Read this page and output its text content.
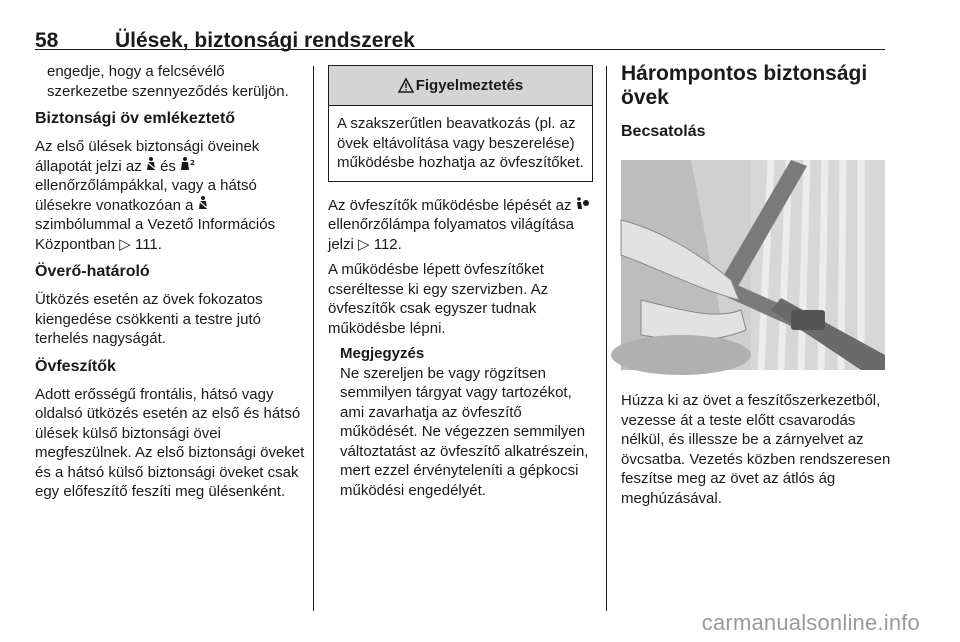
58	Ülések, biztonsági rendszerek

engedje, hogy a felcsévélő szerkezetbe szennyeződés kerüljön.

Biztonsági öv emlékeztető

Az első ülések biztonsági öveinek állapotát jelzi az és 2
ellenőrzőlámpákkal, vagy a hátsó ülésekre vonatkozóan a  szimbólummal a Vezető Információs Központban ▷ 111.

Överő-határoló

Ütközés esetén az övek fokozatos kiengedése csökkenti a testre jutó terhelés nagyságát.

Övfeszítők

Adott erősségű frontális, hátsó vagy oldalsó ütközés esetén az első és hátsó ülések külső biztonsági övei megfeszülnek. Az első biztonsági öveket és a hátsó külső biztonsági öveket csak egy előfeszítő feszíti meg ülésenként.

Figyelmeztetés
A szakszerűtlen beavatkozás (pl. az övek eltávolítása vagy beszerelése) működésbe hozhatja az övfeszítőket.

Az övfeszítők működésbe lépését az  ellenőrzőlámpa folyamatos világítása jelzi ▷ 112.

A működésbe lépett övfeszítőket cseréltesse ki egy szervizben. Az övfeszítők csak egyszer tudnak működésbe lépni.

Megjegyzés
Ne szereljen be vagy rögzítsen semmilyen tárgyat vagy tartozékot, ami zavarhatja az övfeszítő működését. Ne végezzen semmilyen változtatást az övfeszítő alkatrészein, mert ezzel érvényteleníti a gépkocsi működési engedélyét.
Hárompontos biztonsági övek
Becsatolás

Húzza ki az övet a feszítőszerkezetből, vezesse át a teste előtt csavarodás nélkül, és illessze be a zárnyelvet az övcsatba. Vezetés közben rendszeresen feszítse meg az övet az átlós ág meghúzásával.

carmanualsonline.info
